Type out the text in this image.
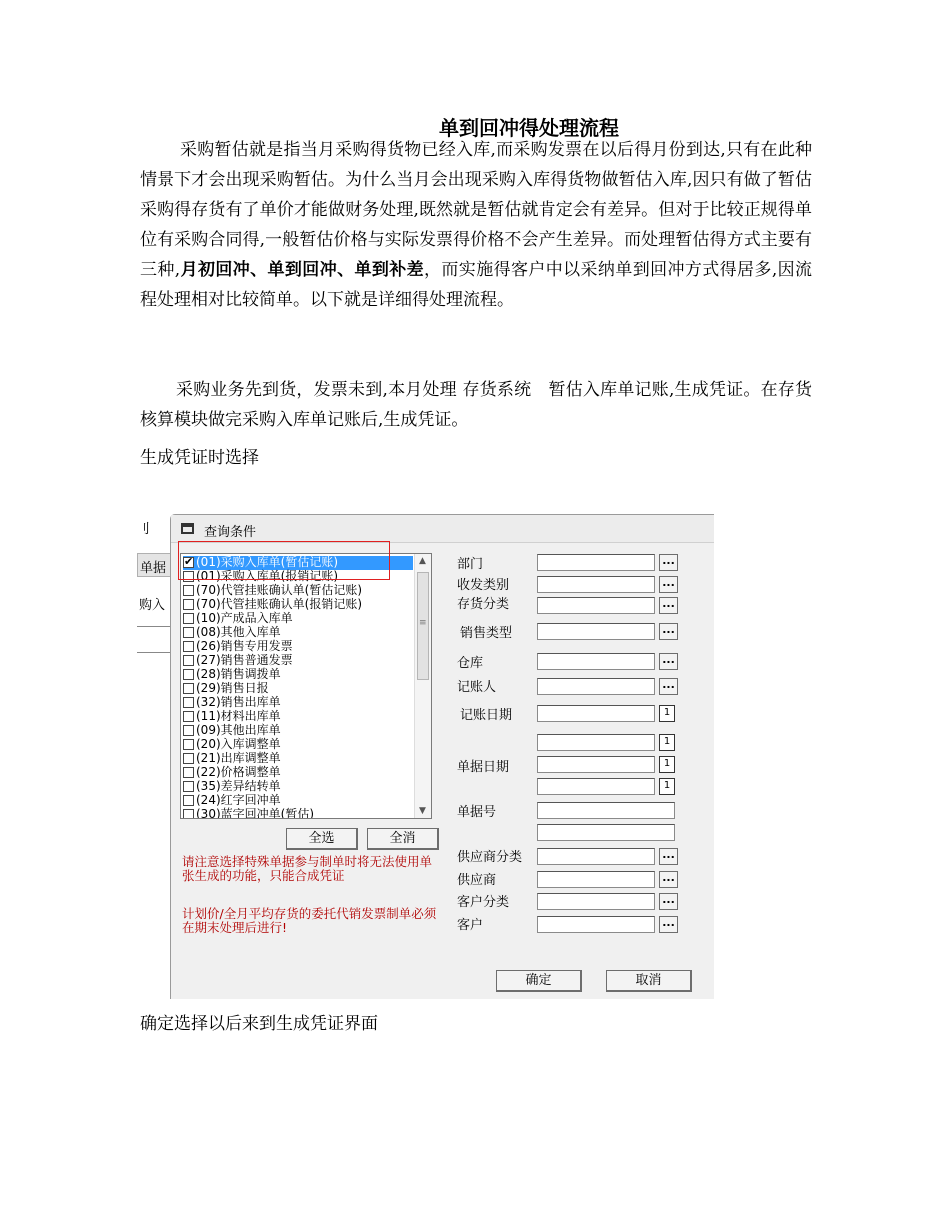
单到回冲得处理流程
采购暂估就是指当月采购得货物已经入库,而采购发票在以后得月份到达,只有在此种情景下才会出现采购暂估。为什么当月会出现采购入库得货物做暂估入库,因只有做了暂估采购得存货有了单价才能做财务处理,既然就是暂估就肯定会有差异。但对于比较正规得单位有采购合同得,一般暂估价格与实际发票得价格不会产生差异。而处理暂估得方式主要有三种,月初回冲、单到回冲、单到补差，而实施得客户中以采纳单到回冲方式得居多,因流程处理相对比较简单。以下就是详细得处理流程。
采购业务先到货，发票未到,本月处理 存货系统　暂估入库单记账,生成凭证。在存货核算模块做完采购入库单记账后,生成凭证。
生成凭证时选择
刂
单据
购入
查询条件
✔(01)采购入库单(暂估记账)
(01)采购入库单(报销记账)
(70)代管挂账确认单(暂估记账)
(70)代管挂账确认单(报销记账)
(10)产成品入库单
(08)其他入库单
(26)销售专用发票
(27)销售普通发票
(28)销售调拨单
(29)销售日报
(32)销售出库单
(11)材料出库单
(09)其他出库单
(20)入库调整单
(21)出库调整单
(22)价格调整单
(35)差异结转单
(24)红字回冲单
(30)蓝字回冲单(暂估)
▲
≡
▼
全选	全消
请注意选择特殊单据参与制单时将无法使用单张生成的功能，只能合成凭证
计划价/全月平均存货的委托代销发票制单必须在期末处理后进行!
部门	...
收发类别	...
存货分类	...
销售类型	...
仓库	...
记账人	...
记账日期	1
1
单据日期	1
1
单据号
供应商分类	...
供应商	...
客户分类	...
客户	...
确定	取消
确定选择以后来到生成凭证界面
